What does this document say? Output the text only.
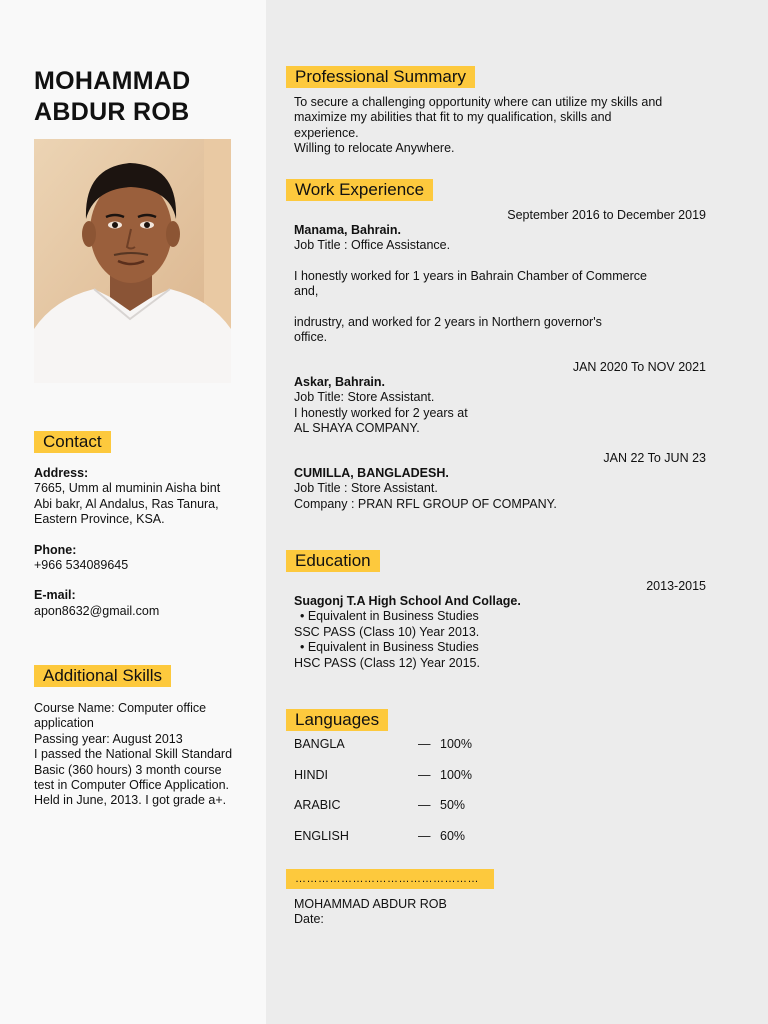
MOHAMMAD
ABDUR ROB
Contact

Address:

7665, Umm al muminin Aisha bint

Abi bakr, Al Andalus, Ras Tanura,

Eastern Province, KSA.

Phone:

+966 534089645

E-mail:

apon8632@gmail.com

Additional Skills

Course Name: Computer office

application

Passing year: August 2013

I passed the National Skill Standard

Basic (360 hours) 3 month course

test in Computer Office Application.

Held in June, 2013. I got grade a+.

Professional Summary

To secure a challenging opportunity where can utilize my skills and

maximize my abilities that fit to my qualification, skills and

experience.

Willing to relocate Anywhere.

Work Experience
September 2016 to December 2019

Manama, Bahrain.

Job Title : Office Assistance.

I honestly worked for 1 years in Bahrain Chamber of Commerce

and,

indrustry, and worked for 2 years in Northern governor's

office.

JAN 2020 To NOV 2021

Askar, Bahrain.

Job Title: Store Assistant.

I honestly worked for 2 years at

AL SHAYA COMPANY.

JAN 22 To JUN 23

CUMILLA, BANGLADESH.

Job Title : Store Assistant.

Company : PRAN RFL GROUP OF COMPANY.

Education
2013-2015

Suagonj T.A High School And Collage.

• Equivalent in Business Studies

SSC PASS (Class 10) Year 2013.

• Equivalent in Business Studies

HSC PASS (Class 12) Year 2015.

Languages
BANGLA	— 100%
HINDI	— 100%
ARABIC	— 50%
ENGLISH	— 60%
…………………………………………

MOHAMMAD ABDUR ROB

Date:
